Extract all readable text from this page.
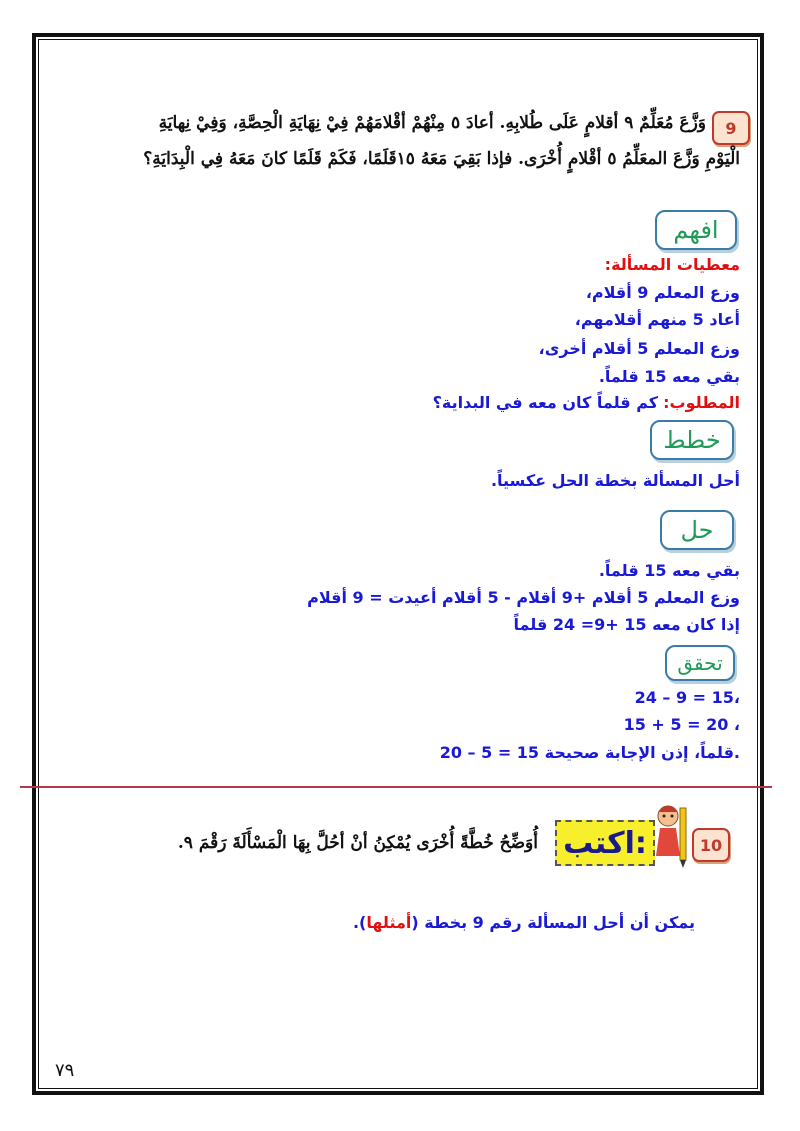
9
وَزَّعَ مُعَلِّمٌ ٩ أقلامٍ عَلَى طُلابِهِ. أعادَ ٥ مِنْهُمْ أقْلامَهُمْ فِيْ نِهَايَةِ الْحِصَّةِ، وَفِيْ نِهايَةِ
الْيَوْمِ وَزَّعَ المعَلِّمُ ٥ أقْلامٍ أُخْرَى. فإذا بَقِيَ مَعَهُ ١٥قَلَمًا، فَكَمْ قَلَمًا كانَ مَعَهُ فِي الْبِدَايَةِ؟
افهم
معطيات المسألة:
وزع المعلم 9 أقلام،
أعاد 5 منهم أقلامهم،
وزع المعلم 5 أقلام أخرى،
بقي معه 15 قلماً.
المطلوب: كم قلماً كان معه في البداية؟
خطط
أحل المسألة بخطة الحل عكسياً.
حل
بقي معه 15 قلماً.
وزع المعلم 5 أقلام +9 أقلام - 5 أقلام أعيدت = 9 أقلام
إذا كان معه 15 +9= 24 قلماً
تحقق
24 – 9 = 15،
15 + 5 = 20 ،
20 – 5 = 15 قلماً، إذن الإجابة صحيحة.
10
اكتب:
أُوَضِّحُ خُطَّةً أُخْرَى يُمْكِنُ أنْ أحُلَّ بِهَا الْمَسْأَلَةَ رَقْمَ ٩.
يمكن أن أحل المسألة رقم 9 بخطة (أمثلها).
٧٩
